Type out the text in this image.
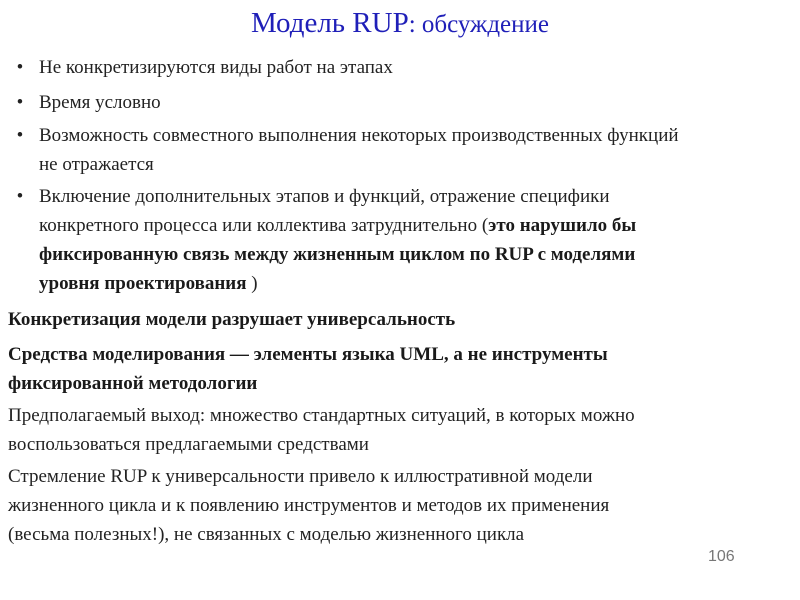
Модель RUP: обсуждение
• Не конкретизируются виды работ на этапах
• Время условно
• Возможность совместного выполнения некоторых производственных функций
не отражается
• Включение дополнительных этапов и функций, отражение специфики
конкретного процесса или коллектива затруднительно (это нарушило бы
фиксированную связь между жизненным циклом по RUP с моделями
уровня проектирования )
Конкретизация модели разрушает универсальность
Средства моделирования — элементы языка UML, а не инструменты
фиксированной методологии
Предполагаемый выход: множество стандартных ситуаций, в которых можно
воспользоваться предлагаемыми средствами
Стремление RUP к универсальности привело к иллюстративной модели
жизненного цикла и к появлению инструментов и методов их применения
(весьма полезных!), не связанных с моделью жизненного цикла
106
